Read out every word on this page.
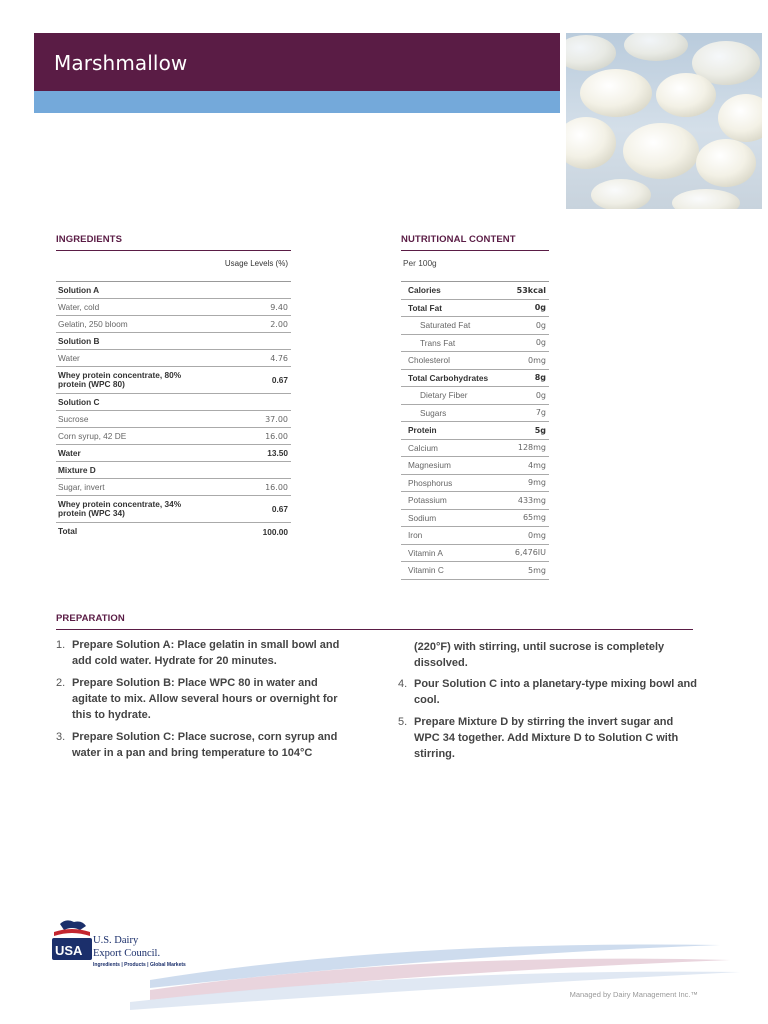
Marshmallow
INGREDIENTS
Usage Levels (%)
Solution A
Water, cold	9.40
Gelatin, 250 bloom	2.00
Solution B
Water	4.76
Whey protein concentrate, 80%
protein (WPC 80)	0.67
Solution C
Sucrose	37.00
Corn syrup, 42 DE	16.00
Water	13.50
Mixture D
Sugar, invert	16.00
Whey protein concentrate, 34%
protein (WPC 34)	0.67
Total	100.00
NUTRITIONAL CONTENT
Per 100g
Calories	53kcal
Total Fat	0g
Saturated Fat	0g
Trans Fat	0g
Cholesterol	0mg
Total Carbohydrates	8g
Dietary Fiber	0g
Sugars	7g
Protein	5g
Calcium	128mg
Magnesium	4mg
Phosphorus	9mg
Potassium	433mg
Sodium	65mg
Iron	0mg
Vitamin A	6,476IU
Vitamin C	5mg
PREPARATION
1. Prepare Solution A: Place gelatin in small bowl and add cold water. Hydrate for 20 minutes.
2. Prepare Solution B: Place WPC 80 in water and agitate to mix. Allow several hours or overnight for this to hydrate.
3. Prepare Solution C: Place sucrose, corn syrup and water in a pan and bring temperature to 104°C
(220°F) with stirring, until sucrose is completely dissolved.
4. Pour Solution C into a planetary-type mixing bowl and cool.
5. Prepare Mixture D by stirring the invert sugar and WPC 34 together. Add Mixture D to Solution C with stirring.
USA
U.S. Dairy
Export Council.
Ingredients | Products | Global Markets
Managed by Dairy Management Inc.™
